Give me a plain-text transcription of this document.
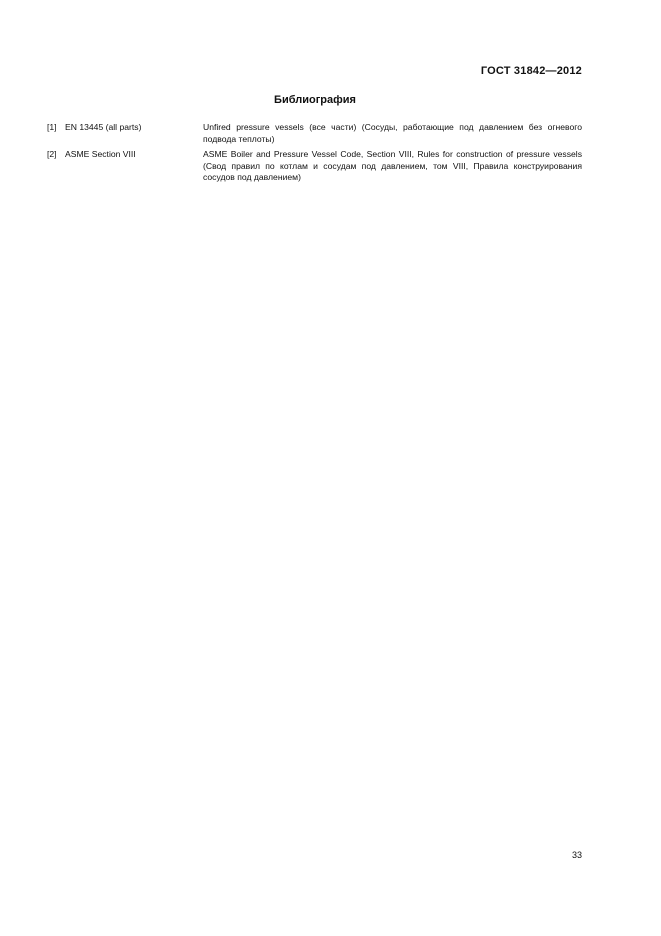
ГОСТ 31842—2012
Библиография
[1] EN 13445 (all parts)	Unfired pressure vessels (все части) (Сосуды, работающие под давлением без огневого подвода теплоты)
[2] ASME Section VIII	ASME Boiler and Pressure Vessel Code, Section VIII, Rules for construction of pressure vessels (Свод правил по котлам и сосудам под давлением, том VIII, Правила конструирования сосудов под давлением)
33
